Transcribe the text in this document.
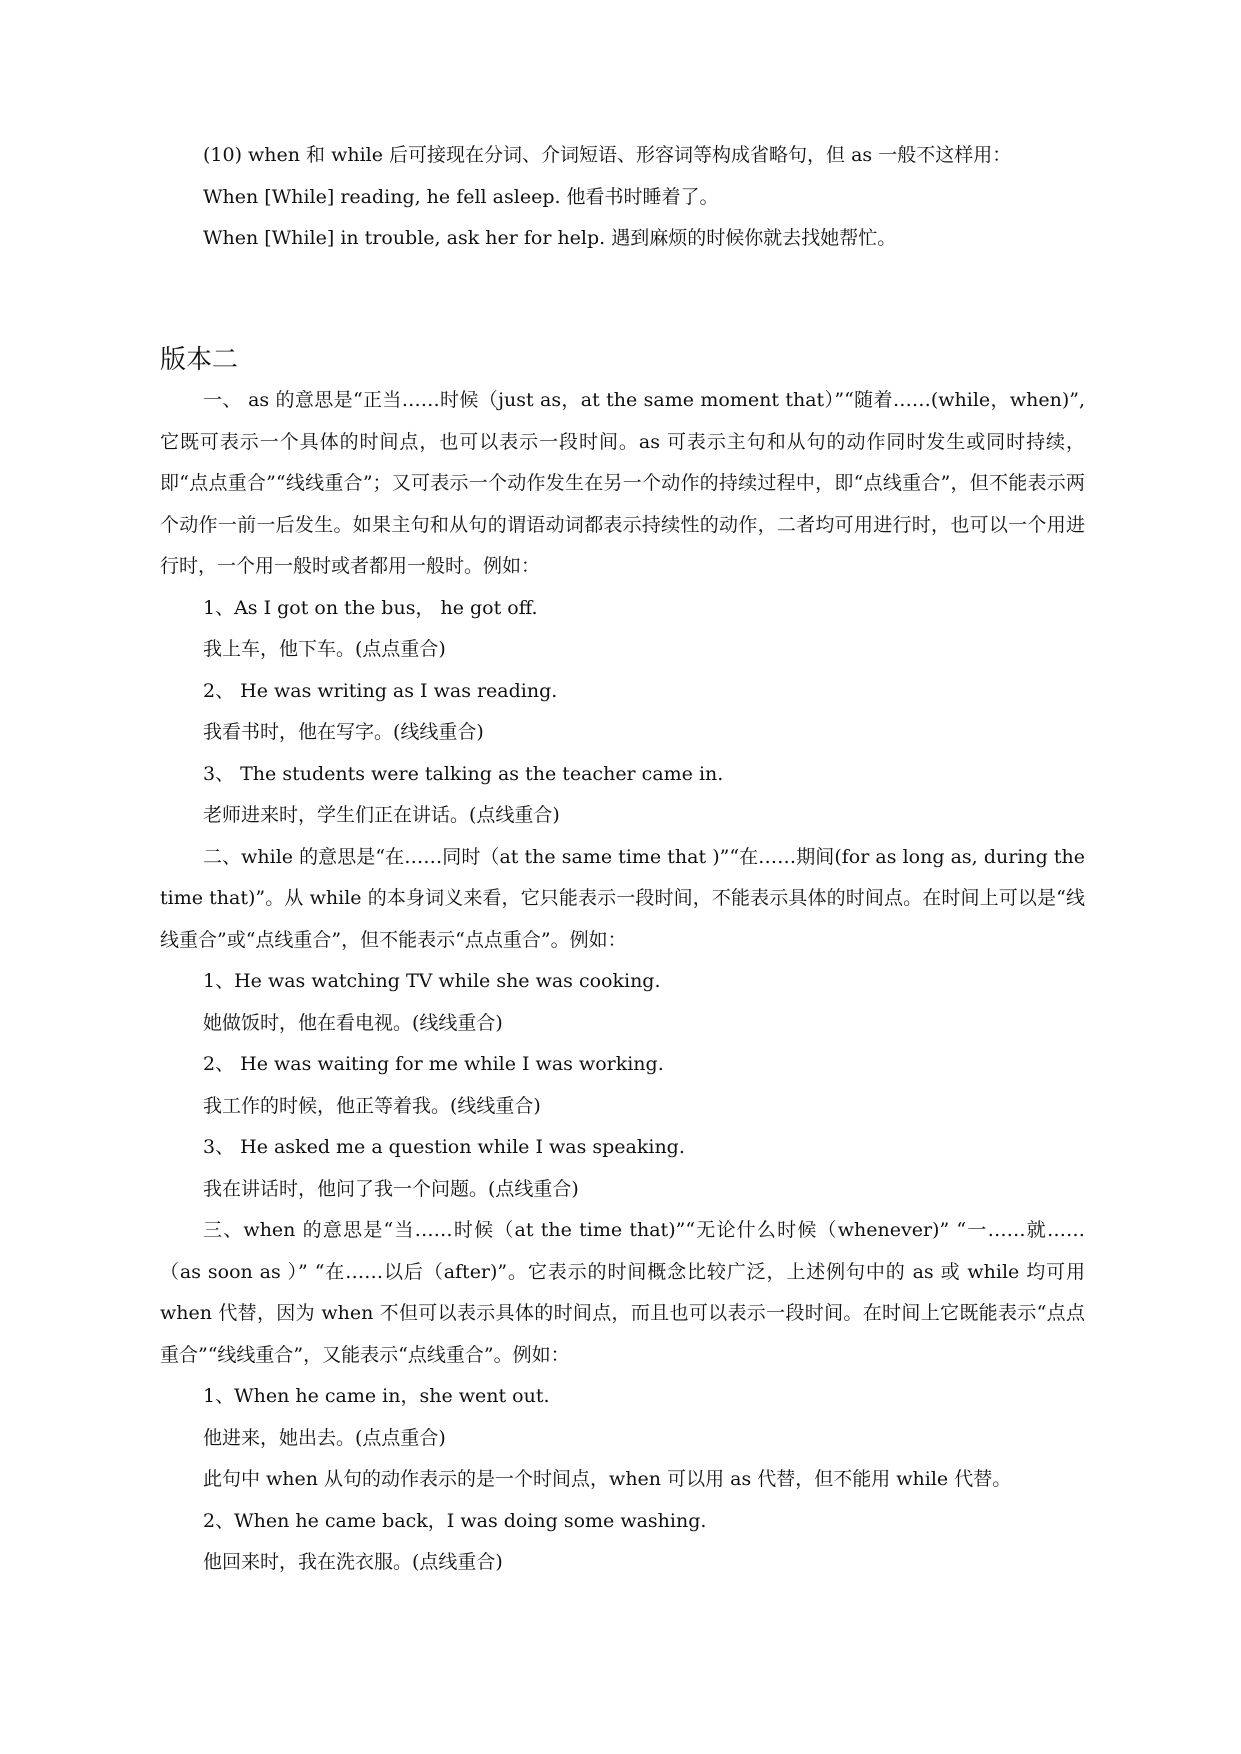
(10) when 和 while 后可接现在分词、介词短语、形容词等构成省略句，但 as 一般不这样用：

When [While] reading, he fell asleep. 他看书时睡着了。

When [While] in trouble, ask her for help. 遇到麻烦的时候你就去找她帮忙。

版本二

一、 as 的意思是“正当……时候（just as，at the same moment that）”“随着……(while，when)”,它既可表示一个具体的时间点，也可以表示一段时间。as 可表示主句和从句的动作同时发生或同时持续，即“点点重合”“线线重合”；又可表示一个动作发生在另一个动作的持续过程中，即“点线重合”，但不能表示两个动作一前一后发生。如果主句和从句的谓语动词都表示持续性的动作，二者均可用进行时，也可以一个用进行时，一个用一般时或者都用一般时。例如：

1、As I got on the bus， he got off.

我上车，他下车。(点点重合)

2、 He was writing as I was reading.

我看书时，他在写字。(线线重合)

3、 The students were talking as the teacher came in.

老师进来时，学生们正在讲话。(点线重合)

二、while 的意思是“在……同时（at the same time that )”“在……期间(for as long as, during the time that)”。从 while 的本身词义来看，它只能表示一段时间，不能表示具体的时间点。在时间上可以是“线线重合”或“点线重合”，但不能表示“点点重合”。例如：

1、He was watching TV while she was cooking.

她做饭时，他在看电视。(线线重合)

2、 He was waiting for me while I was working.

我工作的时候，他正等着我。(线线重合)

3、 He asked me a question while I was speaking.

我在讲话时，他问了我一个问题。(点线重合)

三、when 的意思是“当……时候（at the time that)”“无论什么时候（whenever)” “一……就……（as soon as ）” “在……以后（after)”。它表示的时间概念比较广泛，上述例句中的 as 或 while 均可用 when 代替，因为 when 不但可以表示具体的时间点，而且也可以表示一段时间。在时间上它既能表示“点点重合”“线线重合”，又能表示“点线重合”。例如：

1、When he came in，she went out.

他进来，她出去。(点点重合)

此句中 when 从句的动作表示的是一个时间点，when 可以用 as 代替，但不能用 while 代替。

2、When he came back，I was doing some washing.

他回来时，我在洗衣服。(点线重合)
